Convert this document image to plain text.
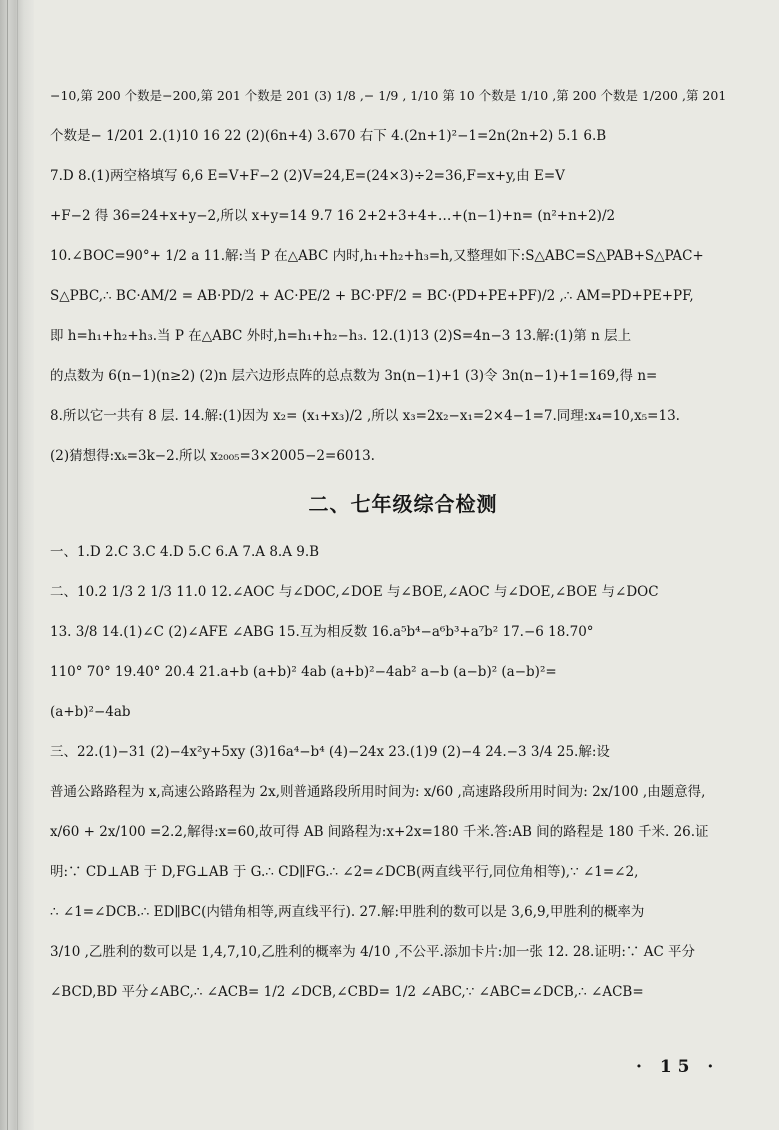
−10,第 200 个数是−200,第 201 个数是 201 (3) 1/8 ,− 1/9 , 1/10 第 10 个数是 1/10 ,第 200 个数是 1/200 ,第 201
个数是− 1/201 2.(1)10 16 22 (2)(6n+4) 3.670 右下 4.(2n+1)²−1=2n(2n+2) 5.1 6.B
7.D 8.(1)两空格填写 6,6 E=V+F−2 (2)V=24,E=(24×3)÷2=36,F=x+y,由 E=V
+F−2 得 36=24+x+y−2,所以 x+y=14 9.7 16 2+2+3+4+…+(n−1)+n= (n²+n+2)/2
10.∠BOC=90°+ 1/2 a 11.解:当 P 在△ABC 内时,h₁+h₂+h₃=h,又整理如下:S△ABC=S△PAB+S△PAC+
S△PBC,∴ BC·AM/2 = AB·PD/2 + AC·PE/2 + BC·PF/2 = BC·(PD+PE+PF)/2 ,∴ AM=PD+PE+PF,
即 h=h₁+h₂+h₃.当 P 在△ABC 外时,h=h₁+h₂−h₃. 12.(1)13 (2)S=4n−3 13.解:(1)第 n 层上
的点数为 6(n−1)(n≥2) (2)n 层六边形点阵的总点数为 3n(n−1)+1 (3)令 3n(n−1)+1=169,得 n=
8.所以它一共有 8 层. 14.解:(1)因为 x₂= (x₁+x₃)/2 ,所以 x₃=2x₂−x₁=2×4−1=7.同理:x₄=10,x₅=13.
(2)猜想得:xₖ=3k−2.所以 x₂₀₀₅=3×2005−2=6013.
二、七年级综合检测
一、1.D 2.C 3.C 4.D 5.C 6.A 7.A 8.A 9.B
二、10.2 1/3 2 1/3 11.0 12.∠AOC 与∠DOC,∠DOE 与∠BOE,∠AOC 与∠DOE,∠BOE 与∠DOC
13. 3/8 14.(1)∠C (2)∠AFE ∠ABG 15.互为相反数 16.a⁵b⁴−a⁶b³+a⁷b² 17.−6 18.70°
110° 70° 19.40° 20.4 21.a+b (a+b)² 4ab (a+b)²−4ab² a−b (a−b)² (a−b)²=
(a+b)²−4ab
三、22.(1)−31 (2)−4x²y+5xy (3)16a⁴−b⁴ (4)−24x 23.(1)9 (2)−4 24.−3 3/4 25.解:设
普通公路路程为 x,高速公路路程为 2x,则普通路段所用时间为: x/60 ,高速路段所用时间为: 2x/100 ,由题意得,
x/60 + 2x/100 =2.2,解得:x=60,故可得 AB 间路程为:x+2x=180 千米.答:AB 间的路程是 180 千米. 26.证
明:∵ CD⊥AB 于 D,FG⊥AB 于 G.∴ CD∥FG.∴ ∠2=∠DCB(两直线平行,同位角相等),∵ ∠1=∠2,
∴ ∠1=∠DCB.∴ ED∥BC(内错角相等,两直线平行). 27.解:甲胜利的数可以是 3,6,9,甲胜利的概率为
3/10 ,乙胜利的数可以是 1,4,7,10,乙胜利的概率为 4/10 ,不公平.添加卡片:加一张 12. 28.证明:∵ AC 平分
∠BCD,BD 平分∠ABC,∴ ∠ACB= 1/2 ∠DCB,∠CBD= 1/2 ∠ABC,∵ ∠ABC=∠DCB,∴ ∠ACB=
· 15 ·
